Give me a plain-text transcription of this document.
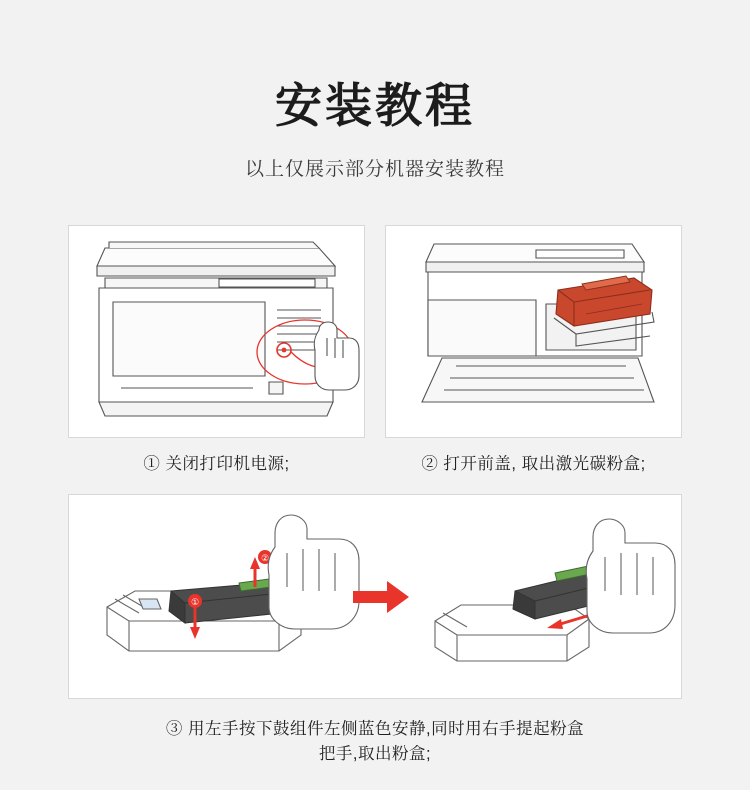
安装教程
以上仅展示部分机器安装教程
① 关闭打印机电源;	② 打开前盖, 取出激光碳粉盒;
②
①
③ 用左手按下鼓组件左侧蓝色安静,同时用右手提起粉盒
把手,取出粉盒;
